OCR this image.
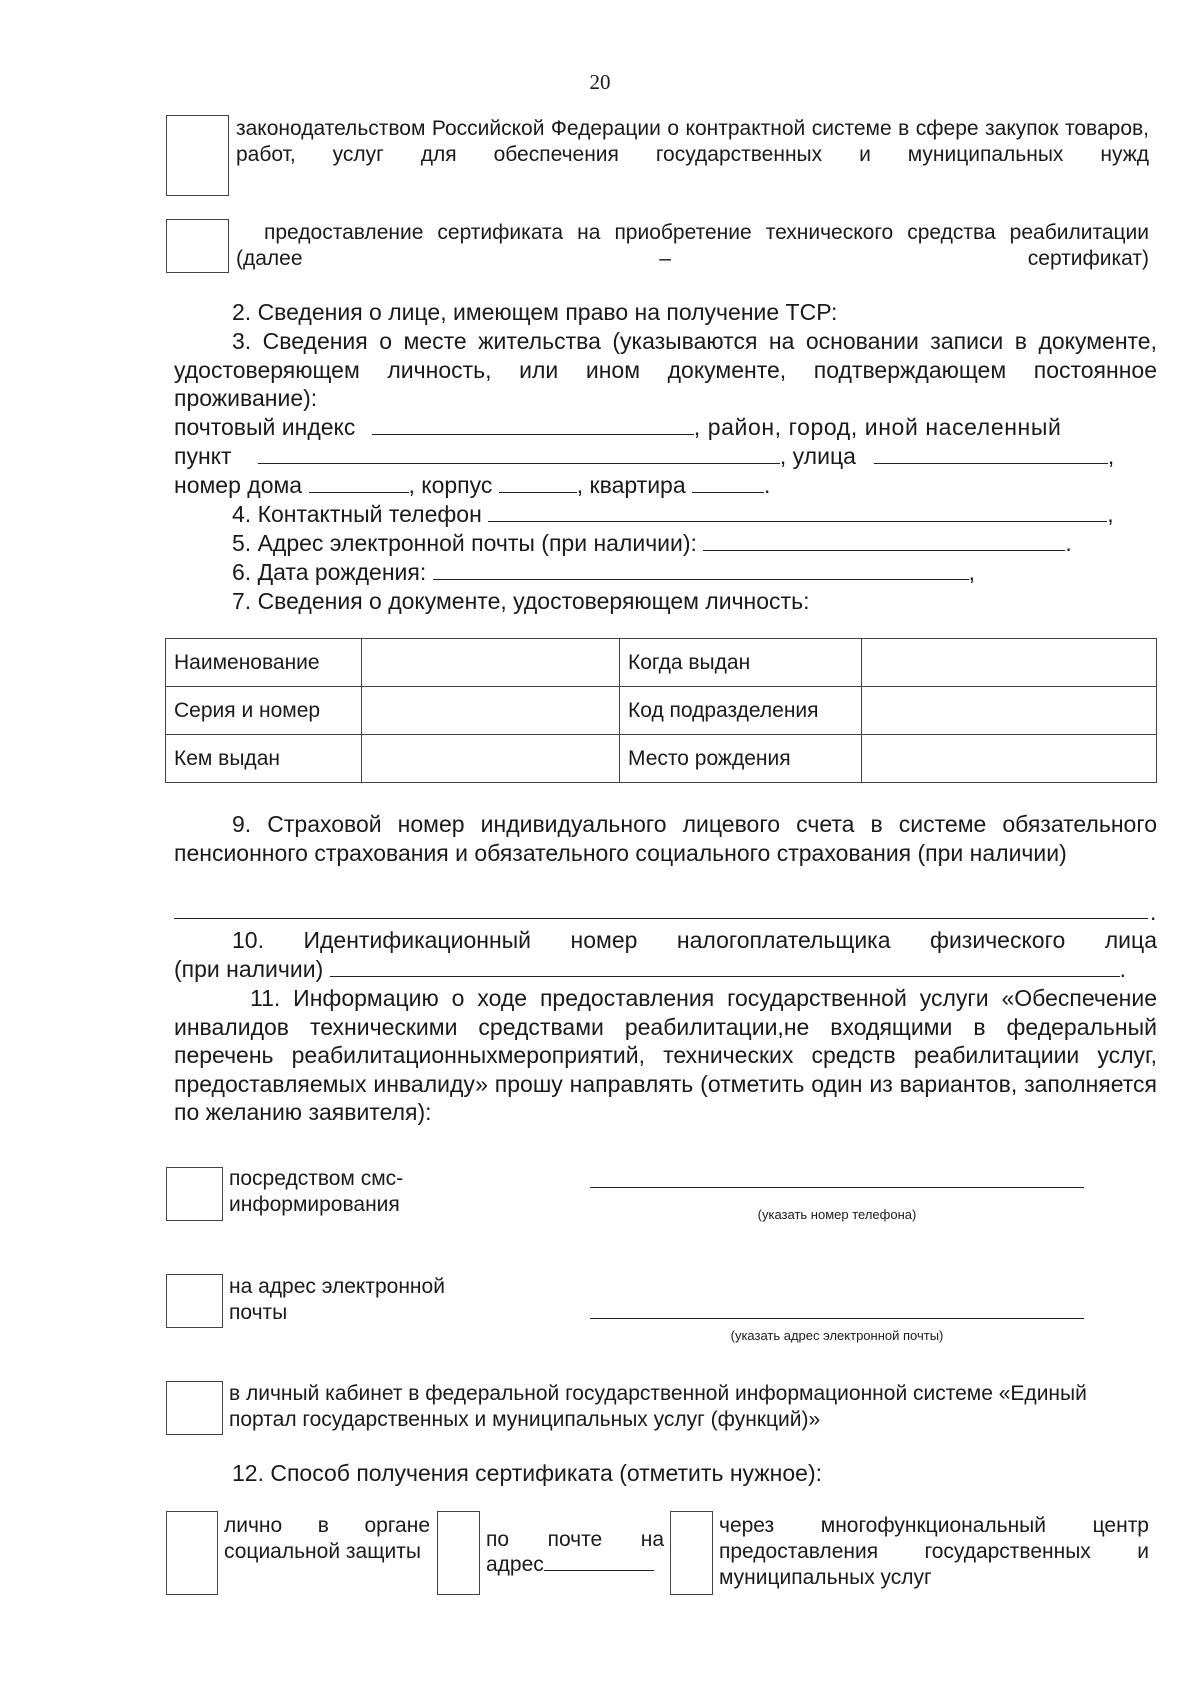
20
законодательством Российской Федерации о контрактной системе в сфере закупок товаров, работ, услуг для обеспечения государственных и муниципальных нужд
предоставление сертификата на приобретение технического средства реабилитации (далее – сертификат)
2. Сведения о лице, имеющем право на получение ТСР:
3. Сведения о месте жительства (указываются на основании записи в документе, удостоверяющем личность, или ином документе, подтверждающем постоянное проживание):
почтовый индекс	, район, город, иной населенный
пункт	, улица	,
номер дома	, корпус	, квартира	.
4. Контактный телефон	,
5. Адрес электронной почты (при наличии):	.
6. Дата рождения:	,
7. Сведения о документе, удостоверяющем личность:
Наименование		Когда выдан	
Серия и номер		Код подразделения	
Кем выдан		Место рождения	
9. Страховой номер индивидуального лицевого счета в системе обязательного пенсионного страхования и обязательного социального страхования (при наличии)
.
10. Идентификационный номер налогоплательщика физического лица
(при наличии)	.
11. Информацию о ходе предоставления государственной услуги «Обеспечение инвалидов техническими средствами реабилитации,не входящими в федеральный перечень реабилитационныхмероприятий, технических средств реабилитациии услуг, предоставляемых инвалиду» прошу направлять (отметить один из вариантов, заполняется по желанию заявителя):
посредством смс-информирования	(указать номер телефона)
на адрес электронной почты
(указать адрес электронной почты)
в личный кабинет в федеральной государственной информационной системе «Единый портал государственных и муниципальных услуг (функций)»
12. Способ получения сертификата (отметить нужное):
лично в органе социальной защиты
по почте на
адрес
через многофункциональный центр предоставления государственных и муниципальных услуг
